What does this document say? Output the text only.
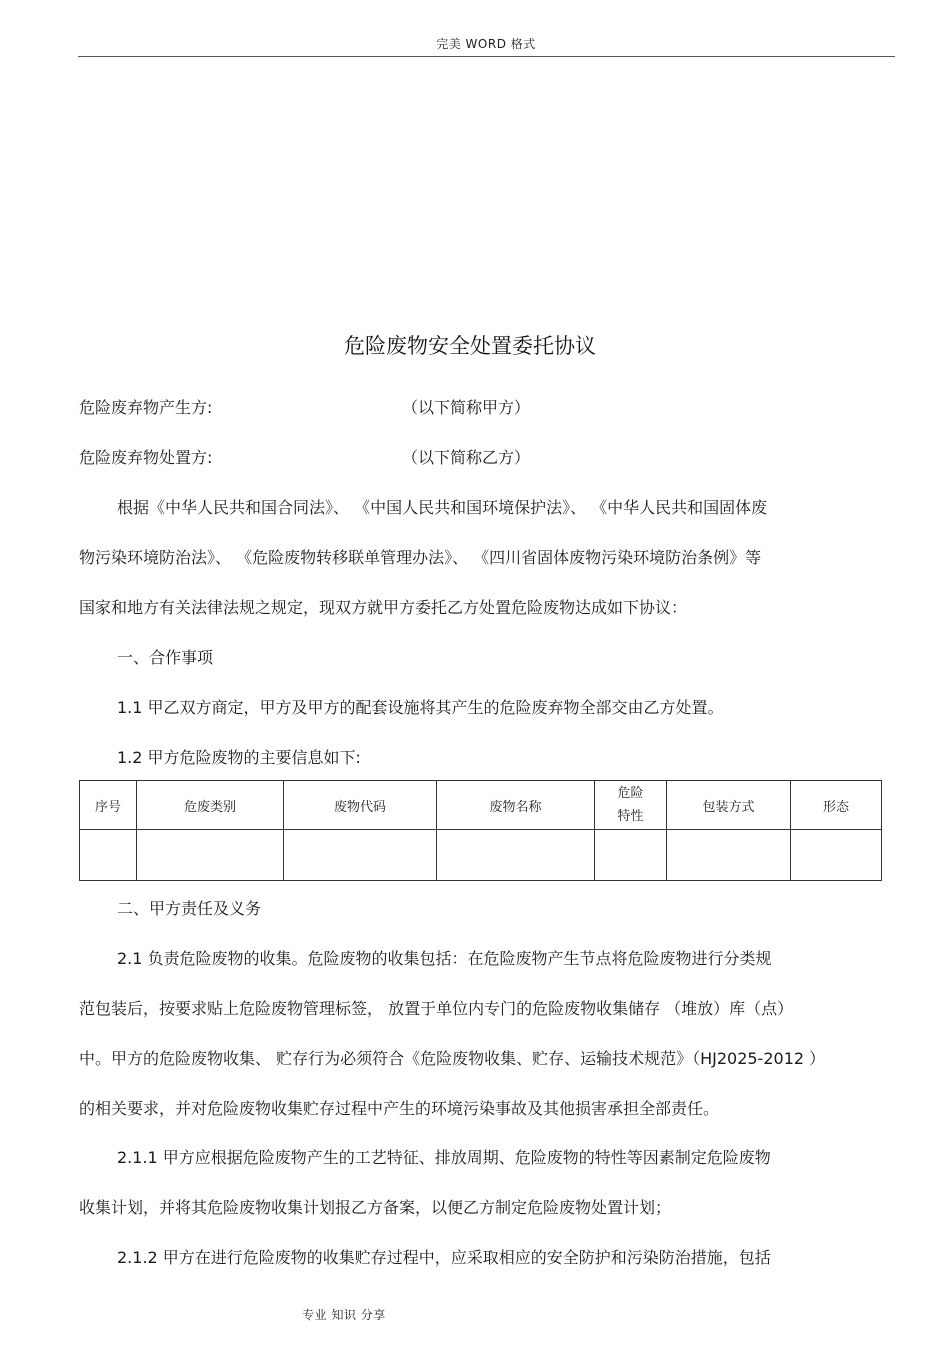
完美 WORD 格式
危险废物安全处置委托协议
危险废弃物产生方:	（以下简称甲方）
危险废弃物处置方:	（以下简称乙方）
根据《中华人民共和国合同法》、 《中国人民共和国环境保护法》、 《中华人民共和国固体废
物污染环境防治法》、 《危险废物转移联单管理办法》、 《四川省固体废物污染环境防治条例》等
国家和地方有关法律法规之规定，现双方就甲方委托乙方处置危险废物达成如下协议：
一、合作事项
1.1 甲乙双方商定，甲方及甲方的配套设施将其产生的危险废弃物全部交由乙方处置。
1.2 甲方危险废物的主要信息如下:
序号	危废类别	废物代码	废物名称	危险特性	包装方式	形态

二、甲方责任及义务
2.1 负责危险废物的收集。危险废物的收集包括：在危险废物产生节点将危险废物进行分类规
范包装后，按要求贴上危险废物管理标签， 放置于单位内专门的危险废物收集储存 （堆放）库（点）
中。甲方的危险废物收集、 贮存行为必须符合《危险废物收集、贮存、运输技术规范》（HJ2025-2012 ）
的相关要求，并对危险废物收集贮存过程中产生的环境污染事故及其他损害承担全部责任。
2.1.1 甲方应根据危险废物产生的工艺特征、排放周期、危险废物的特性等因素制定危险废物
收集计划，并将其危险废物收集计划报乙方备案，以便乙方制定危险废物处置计划；
2.1.2 甲方在进行危险废物的收集贮存过程中，应采取相应的安全防护和污染防治措施，包括
专业 知识 分享
